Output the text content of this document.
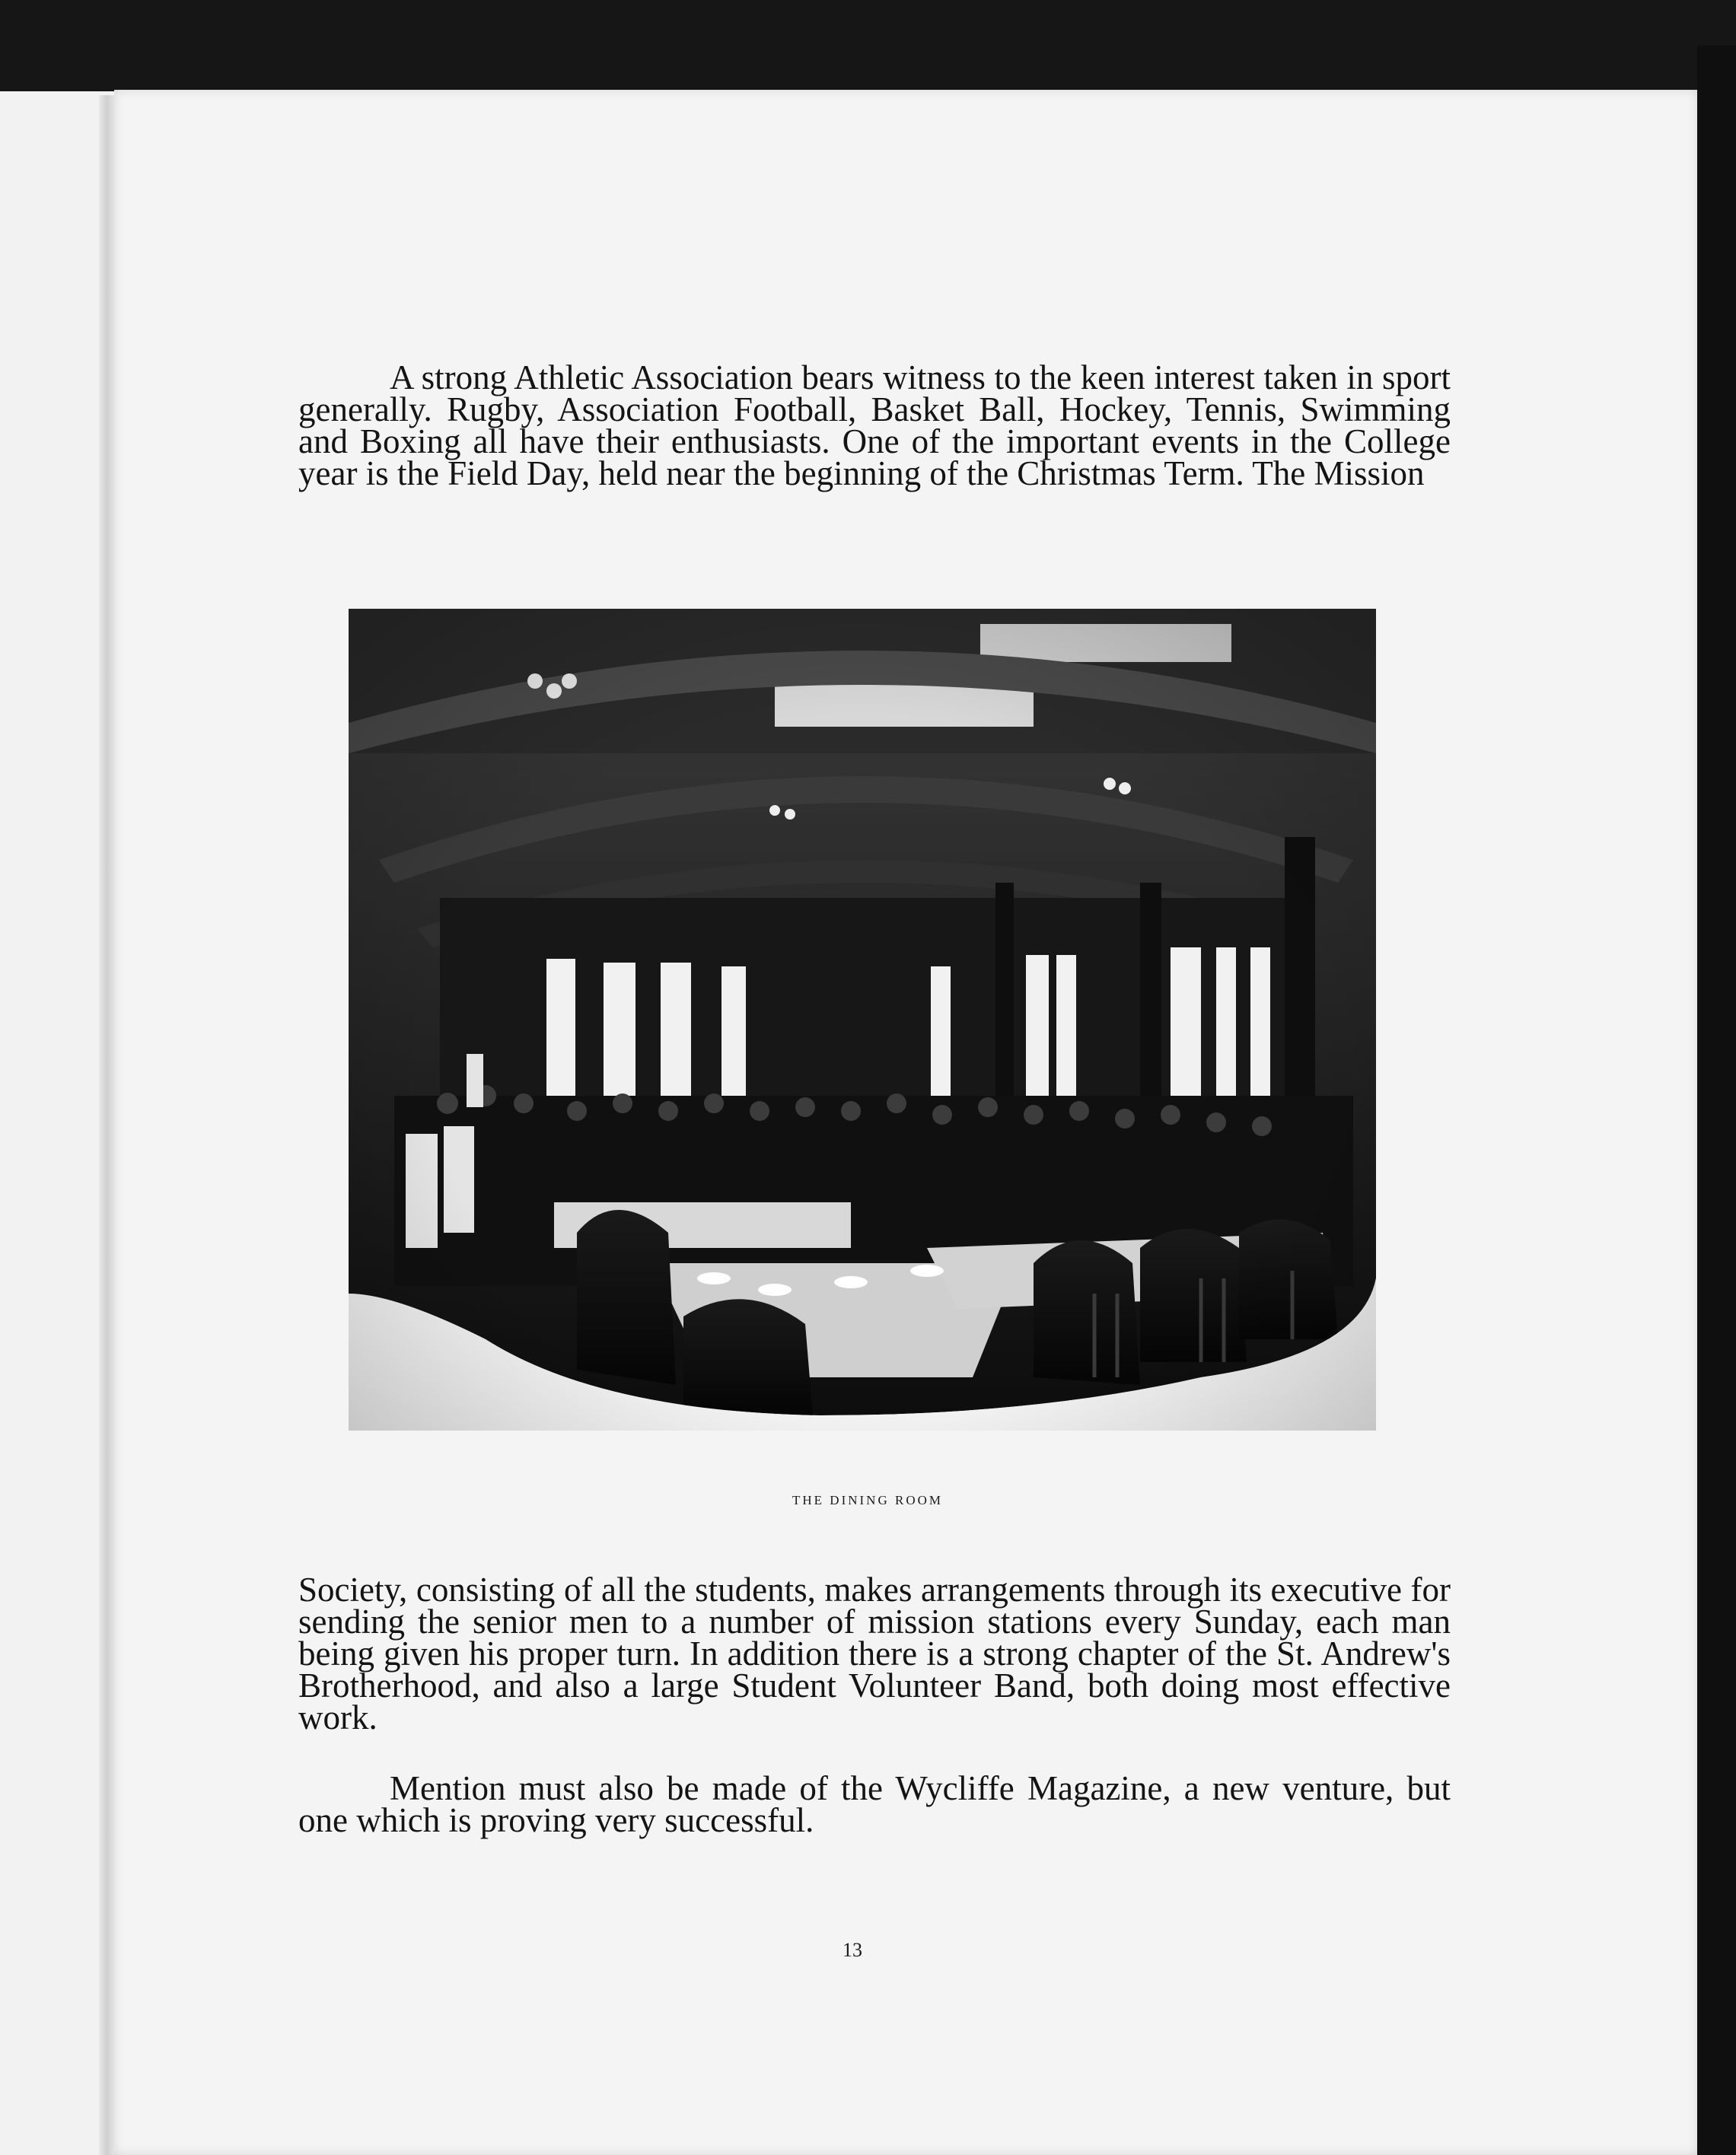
A strong Athletic Association bears witness to the keen interest taken in sport generally. Rugby, Association Football, Basket Ball, Hockey, Tennis, Swimming and Boxing all have their enthusiasts. One of the important events in the College year is the Field Day, held near the beginning of the Christmas Term. The Mission

THE DINING ROOM

Society, consisting of all the students, makes arrangements through its executive for sending the senior men to a number of mission stations every Sunday, each man being given his proper turn. In addition there is a strong chapter of the St. Andrew's Brotherhood, and also a large Student Volunteer Band, both doing most effective work.

Mention must also be made of the Wycliffe Magazine, a new venture, but one which is proving very successful.

13
